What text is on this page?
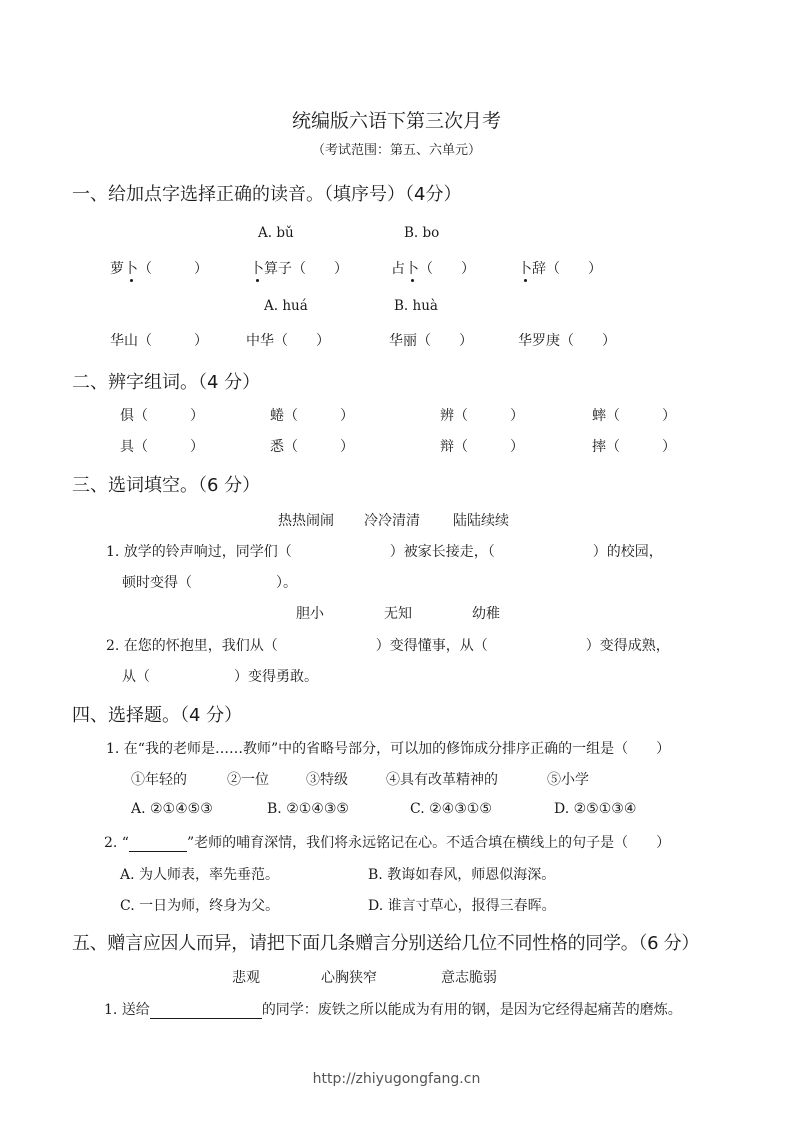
统编版六语下第三次月考
（考试范围：第五、六单元）
一、给加点字选择正确的读音。（填序号）（4分）
A. bǔ	B. bo
萝卜（　　　）	卜算子（　　）	占卜（　　）	卜辞（　　）
A. huá	B. huà
华山（　　　）	中华（　　）	华丽（　　）	华罗庚（　　）
二、辨字组词。（4 分）
俱（　　　）	蜷（　　　）	辨（　　　）	蟀（　　　）
具（　　　）	悉（　　　）	辩（　　　）	摔（　　　）
三、选词填空。（6 分）
热热闹闹 冷冷清清 陆陆续续
1. 放学的铃声响过，同学们（　　　　　　　）被家长接走，（　　　　　　　）的校园，
顿时变得（　　　　　　）。
胆小	无知	幼稚
2. 在您的怀抱里，我们从（　　　　　　　）变得懂事，从（　　　　　　　）变得成熟，
从（　　　　　　）变得勇敢。
四、选择题。（4 分）
1. 在“我的老师是……教师”中的省略号部分，可以加的修饰成分排序正确的一组是（　　）
①年轻的	②一位	③特级	④具有改革精神的	⑤小学
A. ②①④⑤③	B. ②①④③⑤	C. ②④③①⑤	D. ②⑤①③④
2. “	”老师的哺育深情，我们将永远铭记在心。不适合填在横线上的句子是（　　）
A. 为人师表，率先垂范。	B. 教诲如春风，师恩似海深。
C. 一日为师，终身为父。	D. 谁言寸草心，报得三春晖。
五、赠言应因人而异，请把下面几条赠言分别送给几位不同性格的同学。（6 分）
悲观	心胸狭窄	意志脆弱
1. 送给	的同学：废铁之所以能成为有用的钢，是因为它经得起痛苦的磨炼。
http://zhiyugongfang.cn
